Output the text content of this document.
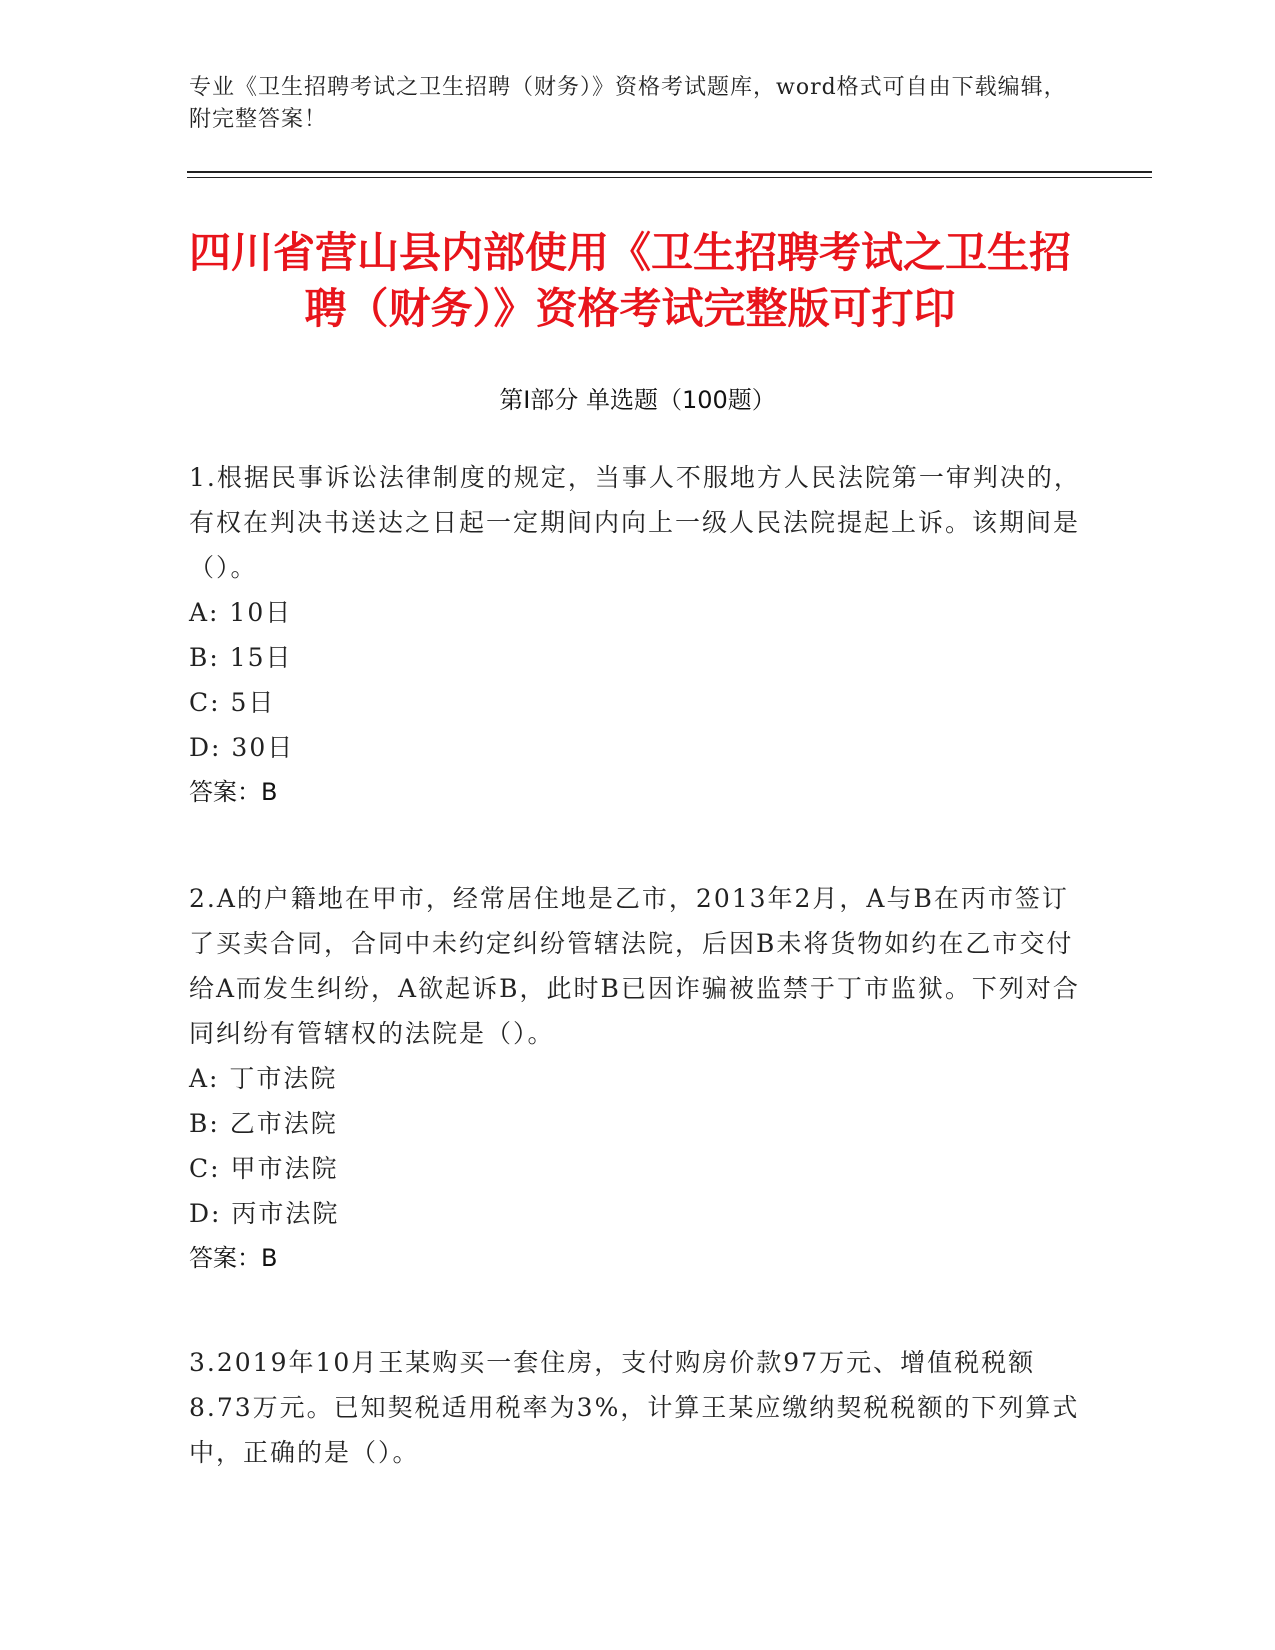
专业《卫生招聘考试之卫生招聘（财务）》资格考试题库，word格式可自由下载编辑，附完整答案！
四川省营山县内部使用《卫生招聘考试之卫生招聘（财务）》资格考试完整版可打印
第I部分 单选题（100题）

1.根据民事诉讼法律制度的规定，当事人不服地方人民法院第一审判决的，有权在判决书送达之日起一定期间内向上一级人民法院提起上诉。该期间是（）。

A: 10日

B: 15日

C: 5日

D: 30日

答案：B

2.A的户籍地在甲市，经常居住地是乙市，2013年2月，A与B在丙市签订了买卖合同，合同中未约定纠纷管辖法院，后因B未将货物如约在乙市交付给A而发生纠纷，A欲起诉B，此时B已因诈骗被监禁于丁市监狱。下列对合同纠纷有管辖权的法院是（）。

A: 丁市法院

B: 乙市法院

C: 甲市法院

D: 丙市法院

答案：B

3.2019年10月王某购买一套住房，支付购房价款97万元、增值税税额8.73万元。已知契税适用税率为3%，计算王某应缴纳契税税额的下列算式中，正确的是（）。
